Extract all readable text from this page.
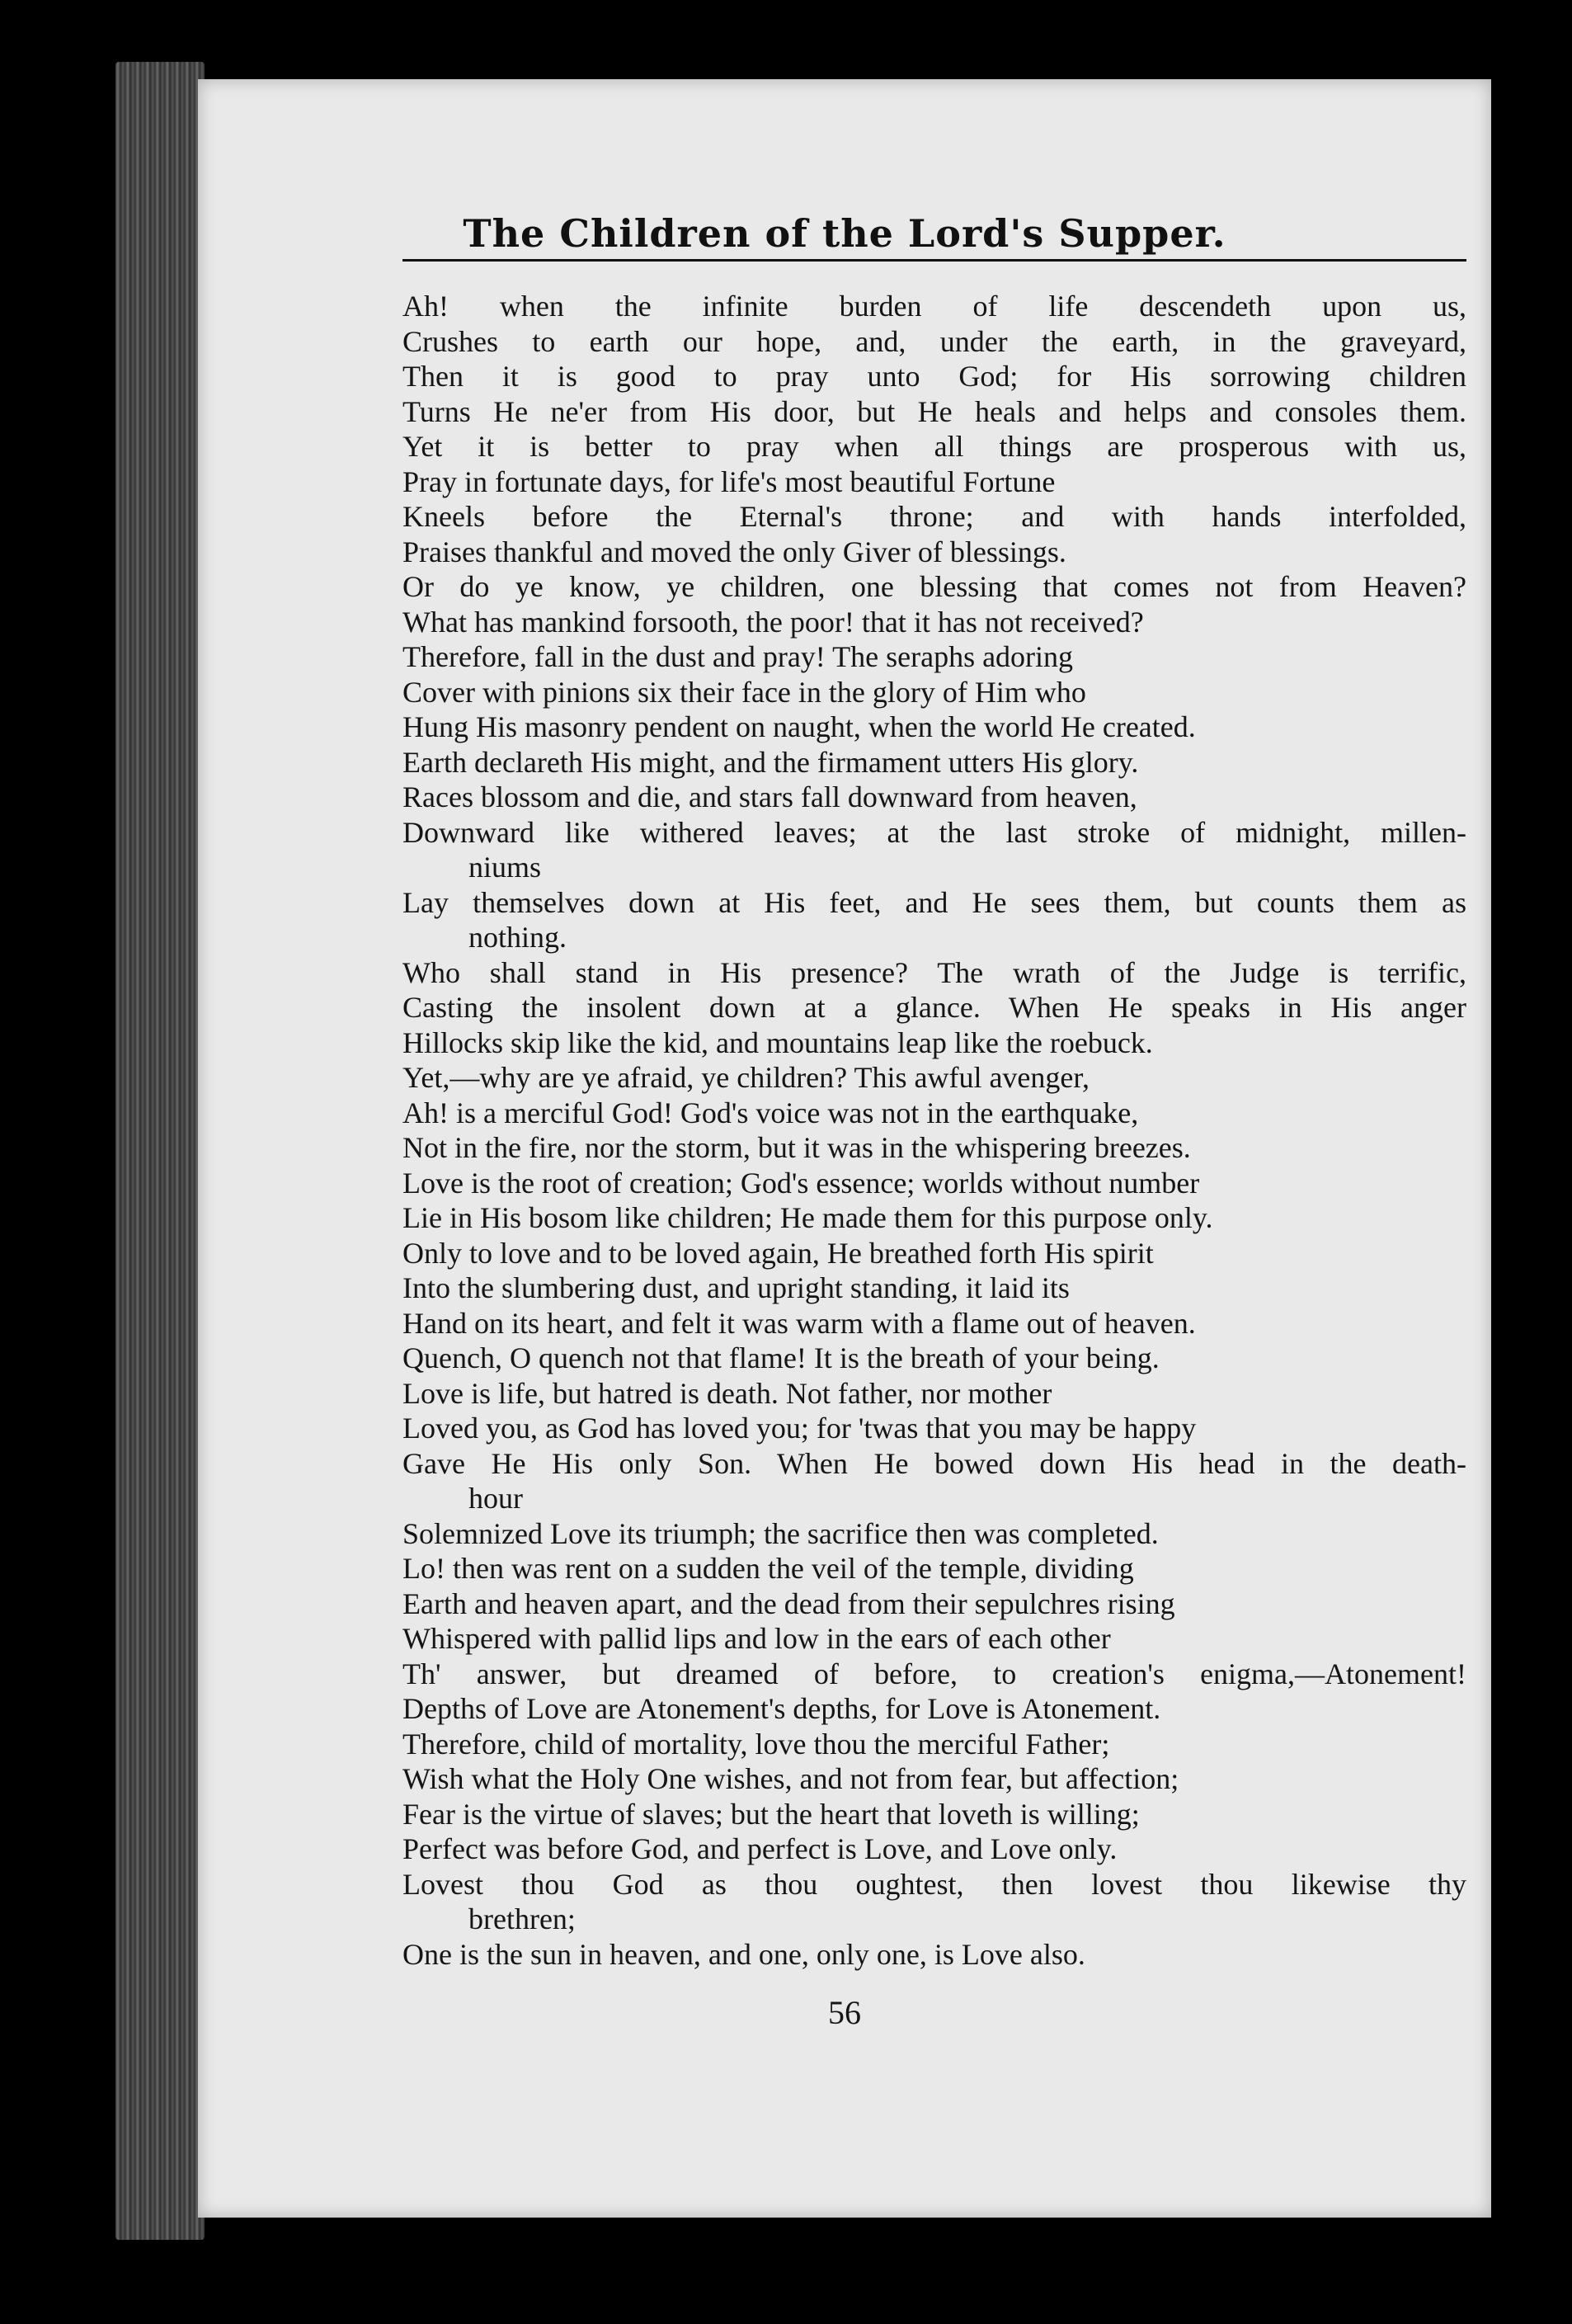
The Children of the Lord's Supper.
Ah! when the infinite burden of life descendeth upon us,
Crushes to earth our hope, and, under the earth, in the graveyard,
Then it is good to pray unto God; for His sorrowing children
Turns He ne'er from His door, but He heals and helps and consoles them.
Yet it is better to pray when all things are prosperous with us,
Pray in fortunate days, for life's most beautiful Fortune
Kneels before the Eternal's throne; and with hands interfolded,
Praises thankful and moved the only Giver of blessings.
Or do ye know, ye children, one blessing that comes not from Heaven?
What has mankind forsooth, the poor! that it has not received?
Therefore, fall in the dust and pray! The seraphs adoring
Cover with pinions six their face in the glory of Him who
Hung His masonry pendent on naught, when the world He created.
Earth declareth His might, and the firmament utters His glory.
Races blossom and die, and stars fall downward from heaven,
Downward like withered leaves; at the last stroke of midnight, millen-
niums
Lay themselves down at His feet, and He sees them, but counts them as
nothing.
Who shall stand in His presence? The wrath of the Judge is terrific,
Casting the insolent down at a glance. When He speaks in His anger
Hillocks skip like the kid, and mountains leap like the roebuck.
Yet,—why are ye afraid, ye children? This awful avenger,
Ah! is a merciful God! God's voice was not in the earthquake,
Not in the fire, nor the storm, but it was in the whispering breezes.
Love is the root of creation; God's essence; worlds without number
Lie in His bosom like children; He made them for this purpose only.
Only to love and to be loved again, He breathed forth His spirit
Into the slumbering dust, and upright standing, it laid its
Hand on its heart, and felt it was warm with a flame out of heaven.
Quench, O quench not that flame! It is the breath of your being.
Love is life, but hatred is death. Not father, nor mother
Loved you, as God has loved you; for 'twas that you may be happy
Gave He His only Son. When He bowed down His head in the death-
hour
Solemnized Love its triumph; the sacrifice then was completed.
Lo! then was rent on a sudden the veil of the temple, dividing
Earth and heaven apart, and the dead from their sepulchres rising
Whispered with pallid lips and low in the ears of each other
Th' answer, but dreamed of before, to creation's enigma,—Atonement!
Depths of Love are Atonement's depths, for Love is Atonement.
Therefore, child of mortality, love thou the merciful Father;
Wish what the Holy One wishes, and not from fear, but affection;
Fear is the virtue of slaves; but the heart that loveth is willing;
Perfect was before God, and perfect is Love, and Love only.
Lovest thou God as thou oughtest, then lovest thou likewise thy
brethren;
One is the sun in heaven, and one, only one, is Love also.
56
